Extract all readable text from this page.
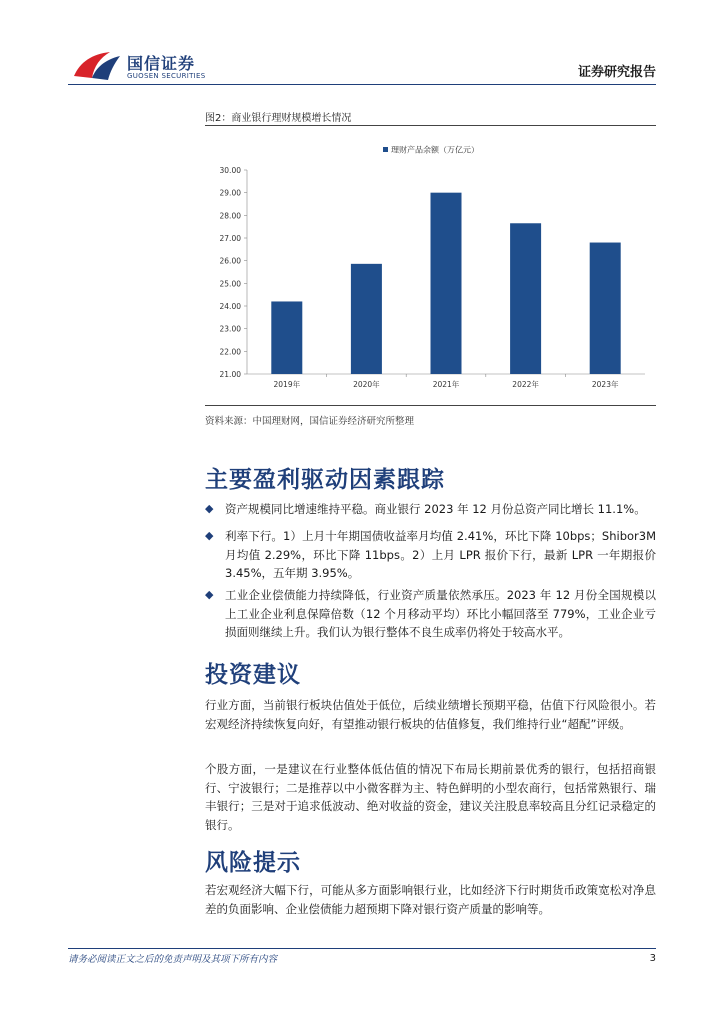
国信证券
GUOSEN SECURITIES	证券研究报告
图2：商业银行理财规模增长情况
理财产品余额（万亿元）
21.00
22.00
23.00
24.00
25.00
26.00
27.00
28.00
29.00
30.00
2019年	2020年	2021年	2022年	2023年
资料来源：中国理财网，国信证券经济研究所整理
主要盈利驱动因素跟踪
◆	资产规模同比增速维持平稳。商业银行 2023 年 12 月份总资产同比增长 11.1%。
◆	利率下行。1）上月十年期国债收益率月均值 2.41%，环比下降 10bps；Shibor3M 月均值 2.29%，环比下降 11bps。2）上月 LPR 报价下行，最新 LPR 一年期报价 3.45%，五年期 3.95%。
◆	工业企业偿债能力持续降低，行业资产质量依然承压。2023 年 12 月份全国规模以上工业企业利息保障倍数（12 个月移动平均）环比小幅回落至 779%，工业企业亏损面则继续上升。我们认为银行整体不良生成率仍将处于较高水平。
投资建议
行业方面，当前银行板块估值处于低位，后续业绩增长预期平稳，估值下行风险很小。若宏观经济持续恢复向好，有望推动银行板块的估值修复，我们维持行业“超配”评级。
个股方面，一是建议在行业整体低估值的情况下布局长期前景优秀的银行，包括招商银行、宁波银行；二是推荐以中小微客群为主、特色鲜明的小型农商行，包括常熟银行、瑞丰银行；三是对于追求低波动、绝对收益的资金，建议关注股息率较高且分红记录稳定的银行。
风险提示
若宏观经济大幅下行，可能从多方面影响银行业，比如经济下行时期货币政策宽松对净息差的负面影响、企业偿债能力超预期下降对银行资产质量的影响等。
请务必阅读正文之后的免责声明及其项下所有内容	3
